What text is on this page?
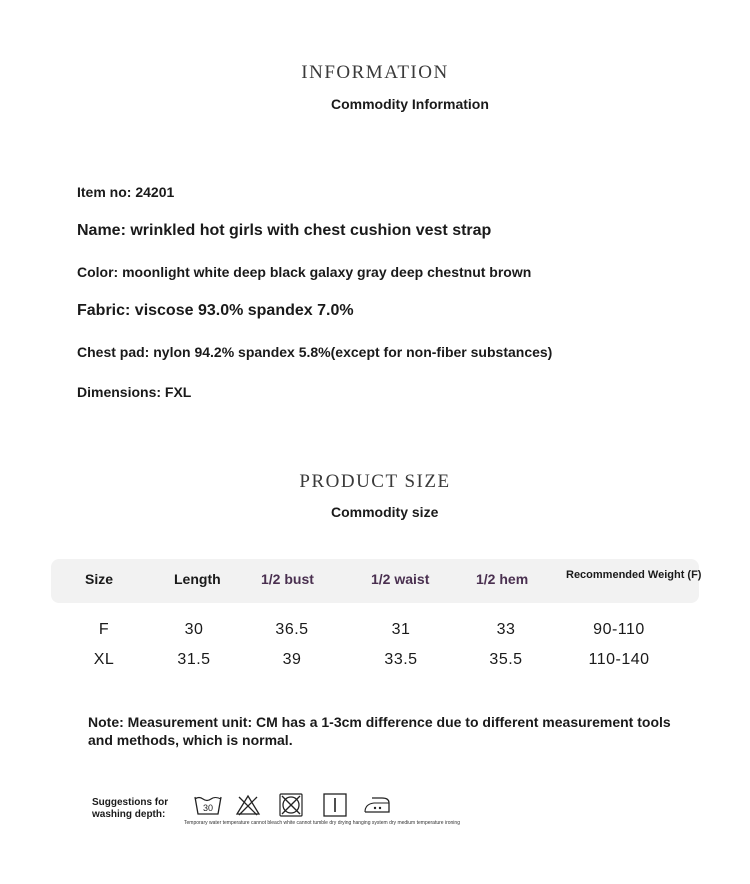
INFORMATION
Commodity Information
Item no: 24201
Name: wrinkled hot girls with chest cushion vest strap
Color: moonlight white deep black galaxy gray deep chestnut brown
Fabric: viscose 93.0% spandex 7.0%
Chest pad: nylon 94.2% spandex 5.8%(except for non-fiber substances)
Dimensions: FXL
PRODUCT SIZE
Commodity size
Size	Length	1/2 bust	1/2 waist	1/2 hem	Recommended Weight (F)
F	30	36.5	31	33	90-110
XL	31.5	39	33.5	35.5	110-140
Note: Measurement unit: CM has a 1-3cm difference due to different measurement tools and methods, which is normal.
Suggestions for washing depth:
30
Temporary water temperature cannot bleach white cannot tumble dry drying hanging system dry medium temperature ironing
